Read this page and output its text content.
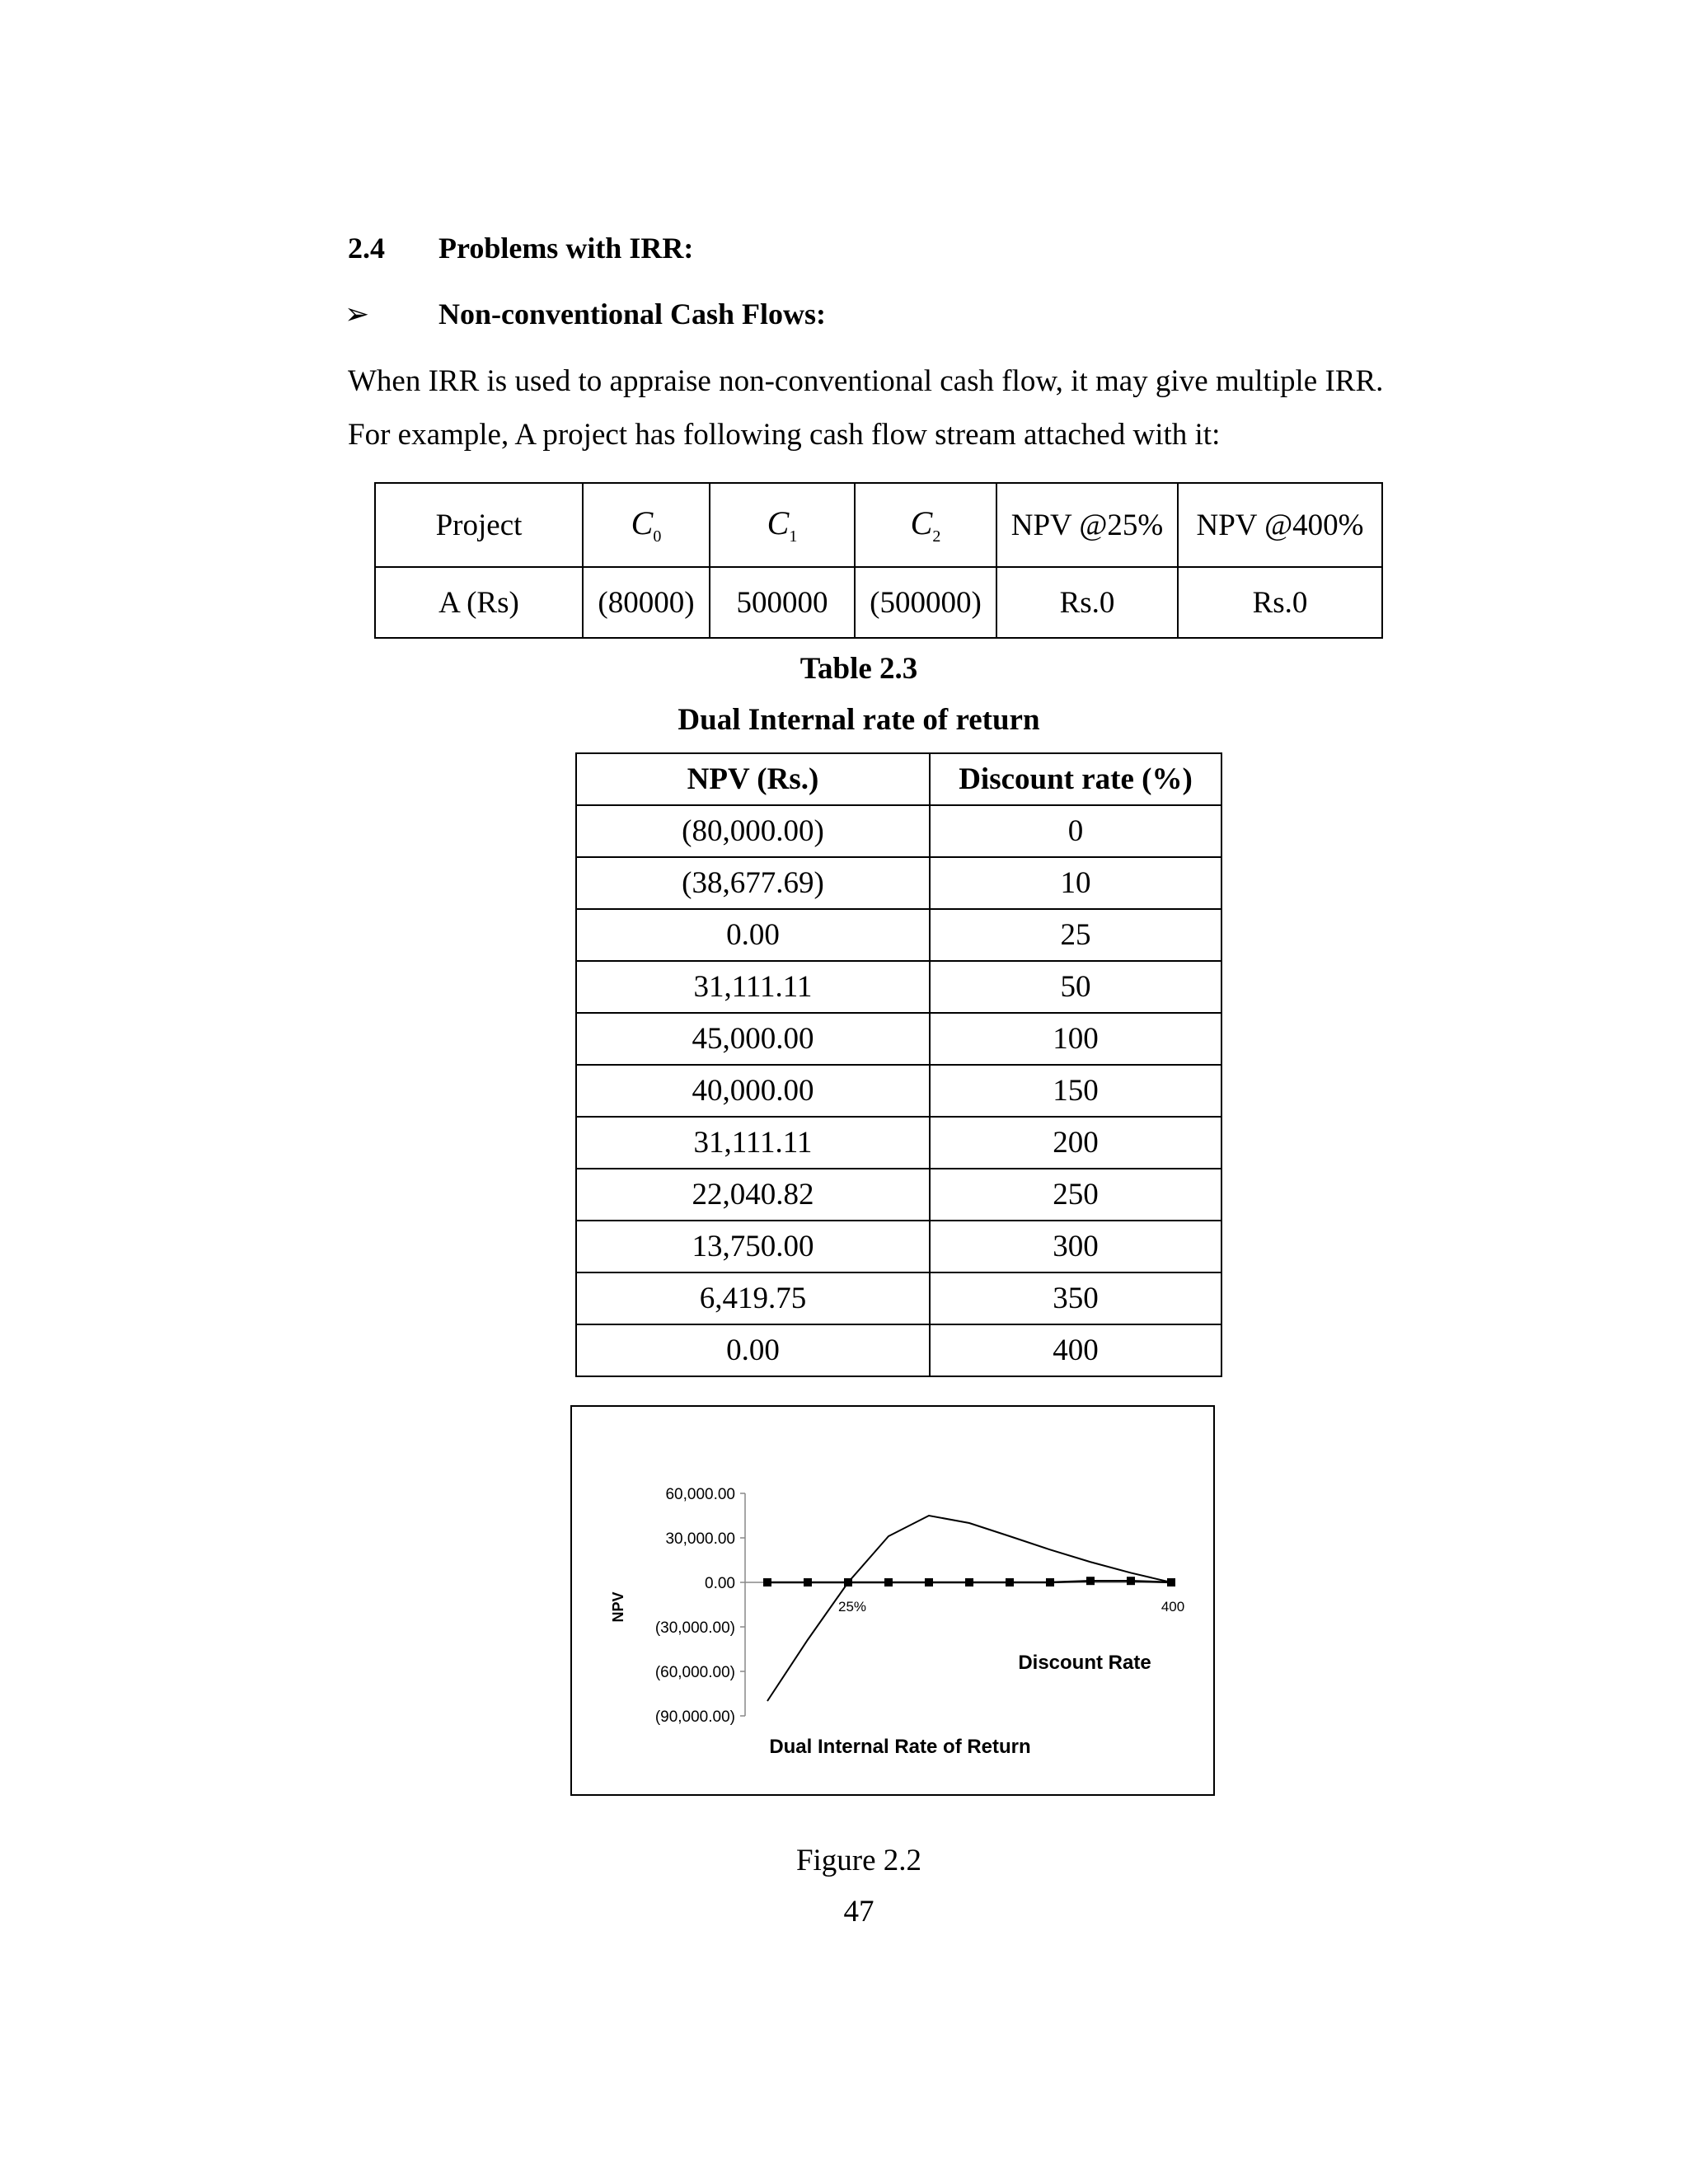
2.4 Problems with IRR:
➢ Non-conventional Cash Flows:
When IRR is used to appraise non-conventional cash flow, it may give multiple IRR.
For example, A project has following cash flow stream attached with it:
Project	$C_0$	$C_1$	$C_2$	NPV @25%	NPV @400%
A (Rs)	(80000)	500000	(500000)	Rs.0	Rs.0
Table 2.3
Dual Internal rate of return
NPV (Rs.)	Discount rate (%)
(80,000.00)	0
(38,677.69)	10
0.00	25
31,111.11	50
45,000.00	100
40,000.00	150
31,111.11	200
22,040.82	250
13,750.00	300
6,419.75	350
0.00	400
60,000.00
30,000.00
0.00
(30,000.00)
(60,000.00)
(90,000.00)
25%	400
NPV
Discount Rate
Dual Internal Rate of Return
Figure 2.2
47
